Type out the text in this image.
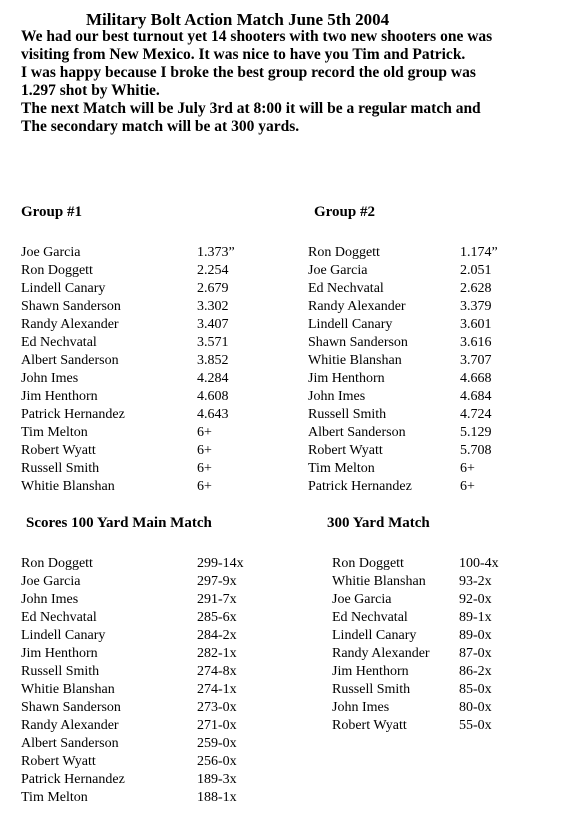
Military Bolt Action Match June 5th 2004

We had our best turnout yet 14 shooters with two new shooters one was

visiting from New Mexico. It was nice to have you Tim and Patrick.

I was happy because I broke the best group record the old group was

1.297 shot by Whitie.

The next Match will be July 3rd at 8:00 it will be a regular match and

The secondary match will be at 300 yards.

Group #1	Group #2
Joe Garcia	1.373”
Ron Doggett	2.254
Lindell Canary	2.679
Shawn Sanderson	3.302
Randy Alexander	3.407
Ed Nechvatal	3.571
Albert Sanderson	3.852
John Imes	4.284
Jim Henthorn	4.608
Patrick Hernandez	4.643
Tim Melton	6+
Robert Wyatt	6+
Russell Smith	6+
Whitie Blanshan	6+
Ron Doggett	1.174”
Joe Garcia	2.051
Ed Nechvatal	2.628
Randy Alexander	3.379
Lindell Canary	3.601
Shawn Sanderson	3.616
Whitie Blanshan	3.707
Jim Henthorn	4.668
John Imes	4.684
Russell Smith	4.724
Albert Sanderson	5.129
Robert Wyatt	5.708
Tim Melton	6+
Patrick Hernandez	6+
Scores 100 Yard Main Match	300 Yard Match
Ron Doggett	299-14x
Joe Garcia	297-9x
John Imes	291-7x
Ed Nechvatal	285-6x
Lindell Canary	284-2x
Jim Henthorn	282-1x
Russell Smith	274-8x
Whitie Blanshan	274-1x
Shawn Sanderson	273-0x
Randy Alexander	271-0x
Albert Sanderson	259-0x
Robert Wyatt	256-0x
Patrick Hernandez	189-3x
Tim Melton	188-1x
Ron Doggett	100-4x
Whitie Blanshan	93-2x
Joe Garcia	92-0x
Ed Nechvatal	89-1x
Lindell Canary	89-0x
Randy Alexander	87-0x
Jim Henthorn	86-2x
Russell Smith	85-0x
John Imes	80-0x
Robert Wyatt	55-0x
